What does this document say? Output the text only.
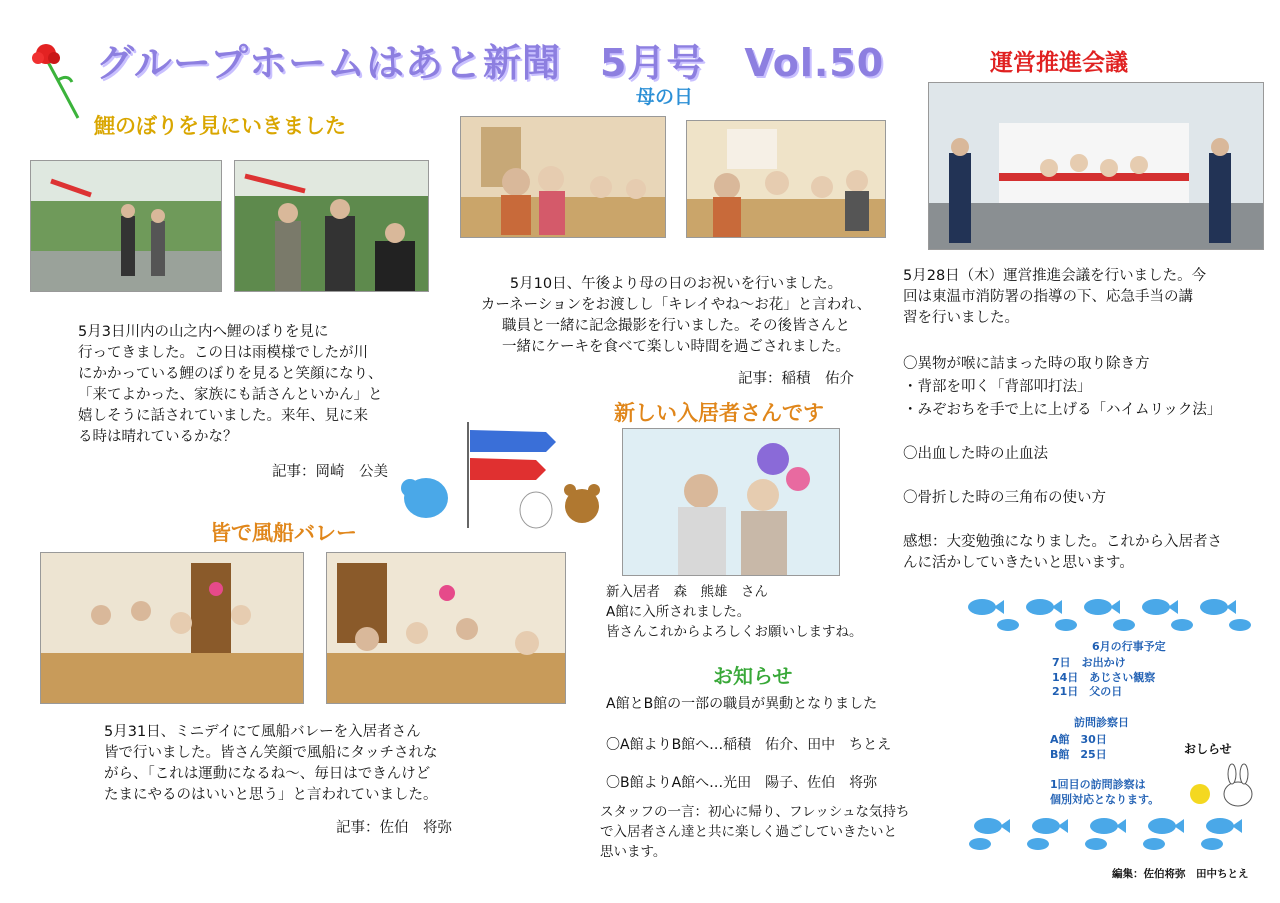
グループホームはあと新聞　5月号　Vol.50
鯉のぼりを見にいきました
5月3日川内の山之内へ鯉のぼりを見に
行ってきました。この日は雨模様でしたが川
にかかっている鯉のぼりを見ると笑顔になり、
「来てよかった、家族にも話さんといかん」と
嬉しそうに話されていました。来年、見に来
る時は晴れているかな？
記事：岡崎　公美
母の日
5月10日、午後より母の日のお祝いを行いました。
カーネーションをお渡しし「キレイやね～お花」と言われ、
職員と一緒に記念撮影を行いました。その後皆さんと
一緒にケーキを食べて楽しい時間を過ごされました。
記事：稲積　佑介
運営推進会議
5月28日（木）運営推進会議を行いました。今
回は東温市消防署の指導の下、応急手当の講
習を行いました。
〇異物が喉に詰まった時の取り除き方
・背部を叩く「背部叩打法」
・みぞおちを手で上に上げる「ハイムリック法」
〇出血した時の止血法
〇骨折した時の三角布の使い方
感想：大変勉強になりました。これから入居者さ
んに活かしていきたいと思います。
新しい入居者さんです
新入居者　森　熊雄　さん
A館に入所されました。
皆さんこれからよろしくお願いしますね。
皆で風船バレー
5月31日、ミニデイにて風船バレーを入居者さん
皆で行いました。皆さん笑顔で風船にタッチされな
がら、「これは運動になるね～、毎日はできんけど
たまにやるのはいいと思う」と言われていました。
記事：佐伯　将弥
お知らせ
A館とB館の一部の職員が異動となりました
〇A館よりB館へ…稲積　佑介、田中　ちとえ
〇B館よりA館へ…光田　陽子、佐伯　将弥
スタッフの一言：初心に帰り、フレッシュな気持ち
で入居者さん達と共に楽しく過ごしていきたいと
思います。
6月の行事予定
7日　お出かけ
14日　あじさい観察
21日　父の日
訪問診察日
A館　30日
B館　25日
1回目の訪問診察は
個別対応となります。
おしらせ
編集：佐伯将弥　田中ちとえ
